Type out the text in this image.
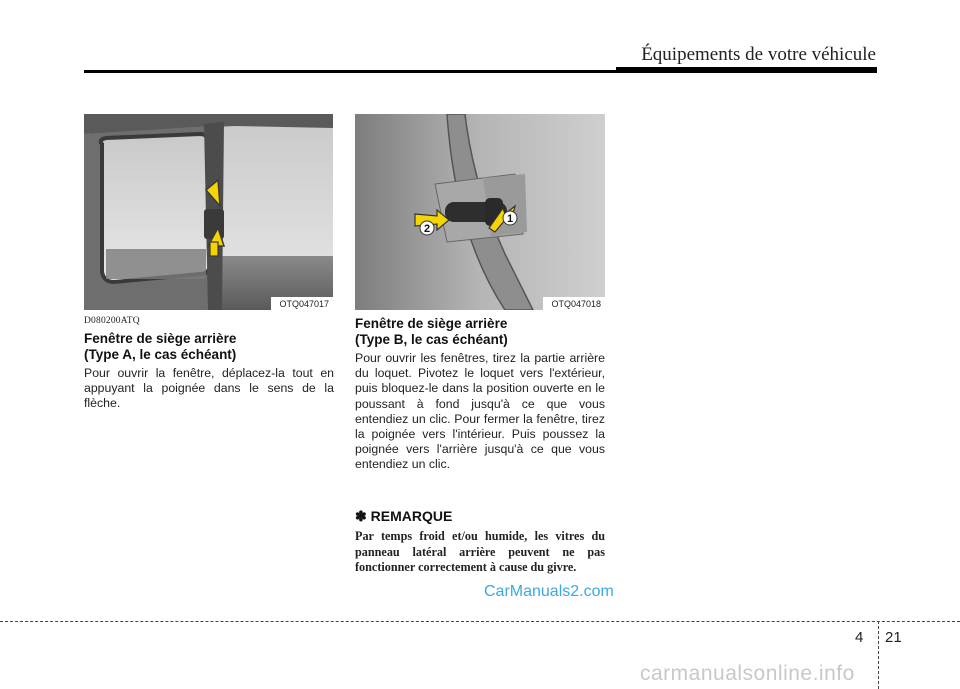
Équipements de votre véhicule
OTQ047017
1
2
OTQ047018
D080200ATQ
Fenêtre de siège arrière
(Type A, le cas échéant)
Pour ouvrir la fenêtre, déplacez-la tout en appuyant la poignée dans le sens de la flèche.
Fenêtre de siège arrière
(Type B, le cas échéant)
Pour ouvrir les fenêtres, tirez la partie arrière du loquet. Pivotez le loquet vers l'extérieur, puis bloquez-le dans la position ouverte en le poussant à fond jusqu'à ce que vous entendiez un clic. Pour fermer la fenêtre, tirez la poignée vers l'intérieur. Puis poussez la poignée vers l'arrière jusqu'à ce que vous entendiez un clic.
✽ REMARQUE
Par temps froid et/ou humide, les vitres du panneau latéral arrière peuvent ne pas fonctionner correctement à cause du givre.
CarManuals2.com
4 21
carmanualsonline.info
